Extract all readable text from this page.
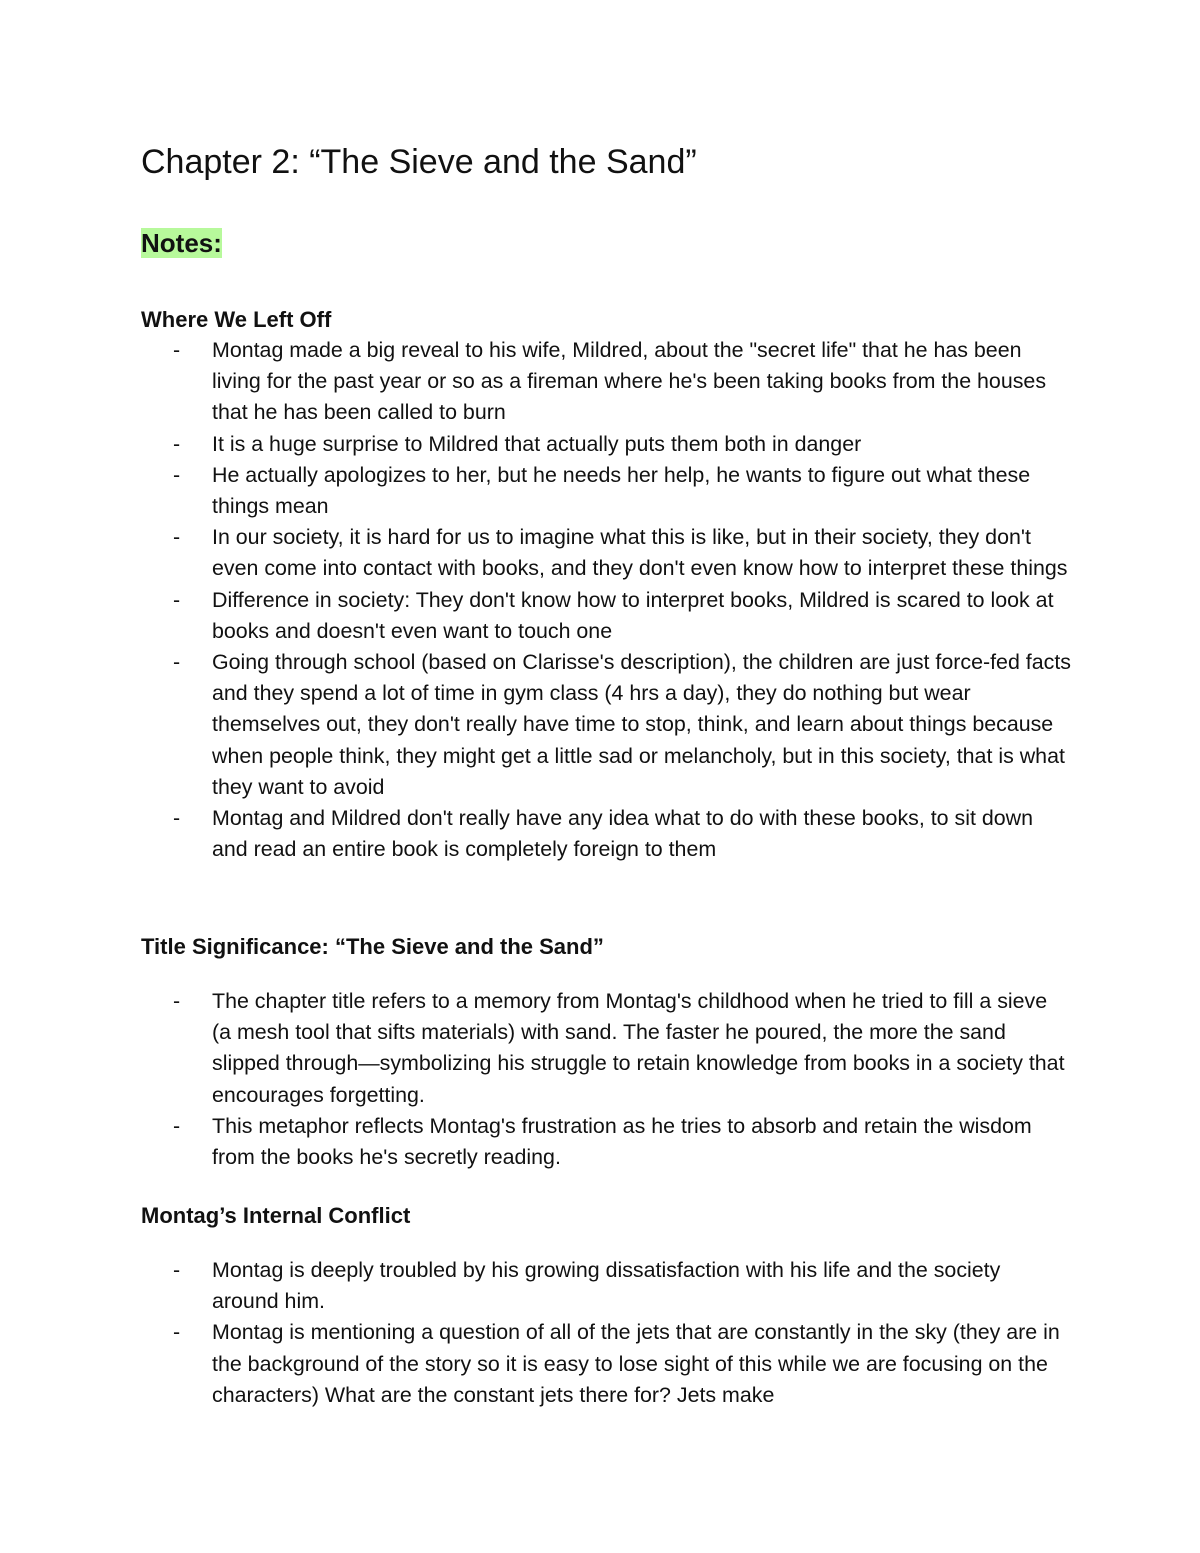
Chapter 2: “The Sieve and the Sand”
Notes:
Where We Left Off
- Montag made a big reveal to his wife, Mildred, about the "secret life" that he has been living for the past year or so as a fireman where he's been taking books from the houses that he has been called to burn
- It is a huge surprise to Mildred that actually puts them both in danger
- He actually apologizes to her, but he needs her help, he wants to figure out what these things mean
- In our society, it is hard for us to imagine what this is like, but in their society, they don't even come into contact with books, and they don't even know how to interpret these things
- Difference in society: They don't know how to interpret books, Mildred is scared to look at books and doesn't even want to touch one
- Going through school (based on Clarisse's description), the children are just force-fed facts and they spend a lot of time in gym class (4 hrs a day), they do nothing but wear themselves out, they don't really have time to stop, think, and learn about things because when people think, they might get a little sad or melancholy, but in this society, that is what they want to avoid
- Montag and Mildred don't really have any idea what to do with these books, to sit down and read an entire book is completely foreign to them
Title Significance: “The Sieve and the Sand”
- The chapter title refers to a memory from Montag's childhood when he tried to fill a sieve (a mesh tool that sifts materials) with sand. The faster he poured, the more the sand slipped through—symbolizing his struggle to retain knowledge from books in a society that encourages forgetting.
- This metaphor reflects Montag's frustration as he tries to absorb and retain the wisdom from the books he's secretly reading.
Montag’s Internal Conflict
- Montag is deeply troubled by his growing dissatisfaction with his life and the society around him.
- Montag is mentioning a question of all of the jets that are constantly in the sky (they are in the background of the story so it is easy to lose sight of this while we are focusing on the characters) What are the constant jets there for? Jets make
